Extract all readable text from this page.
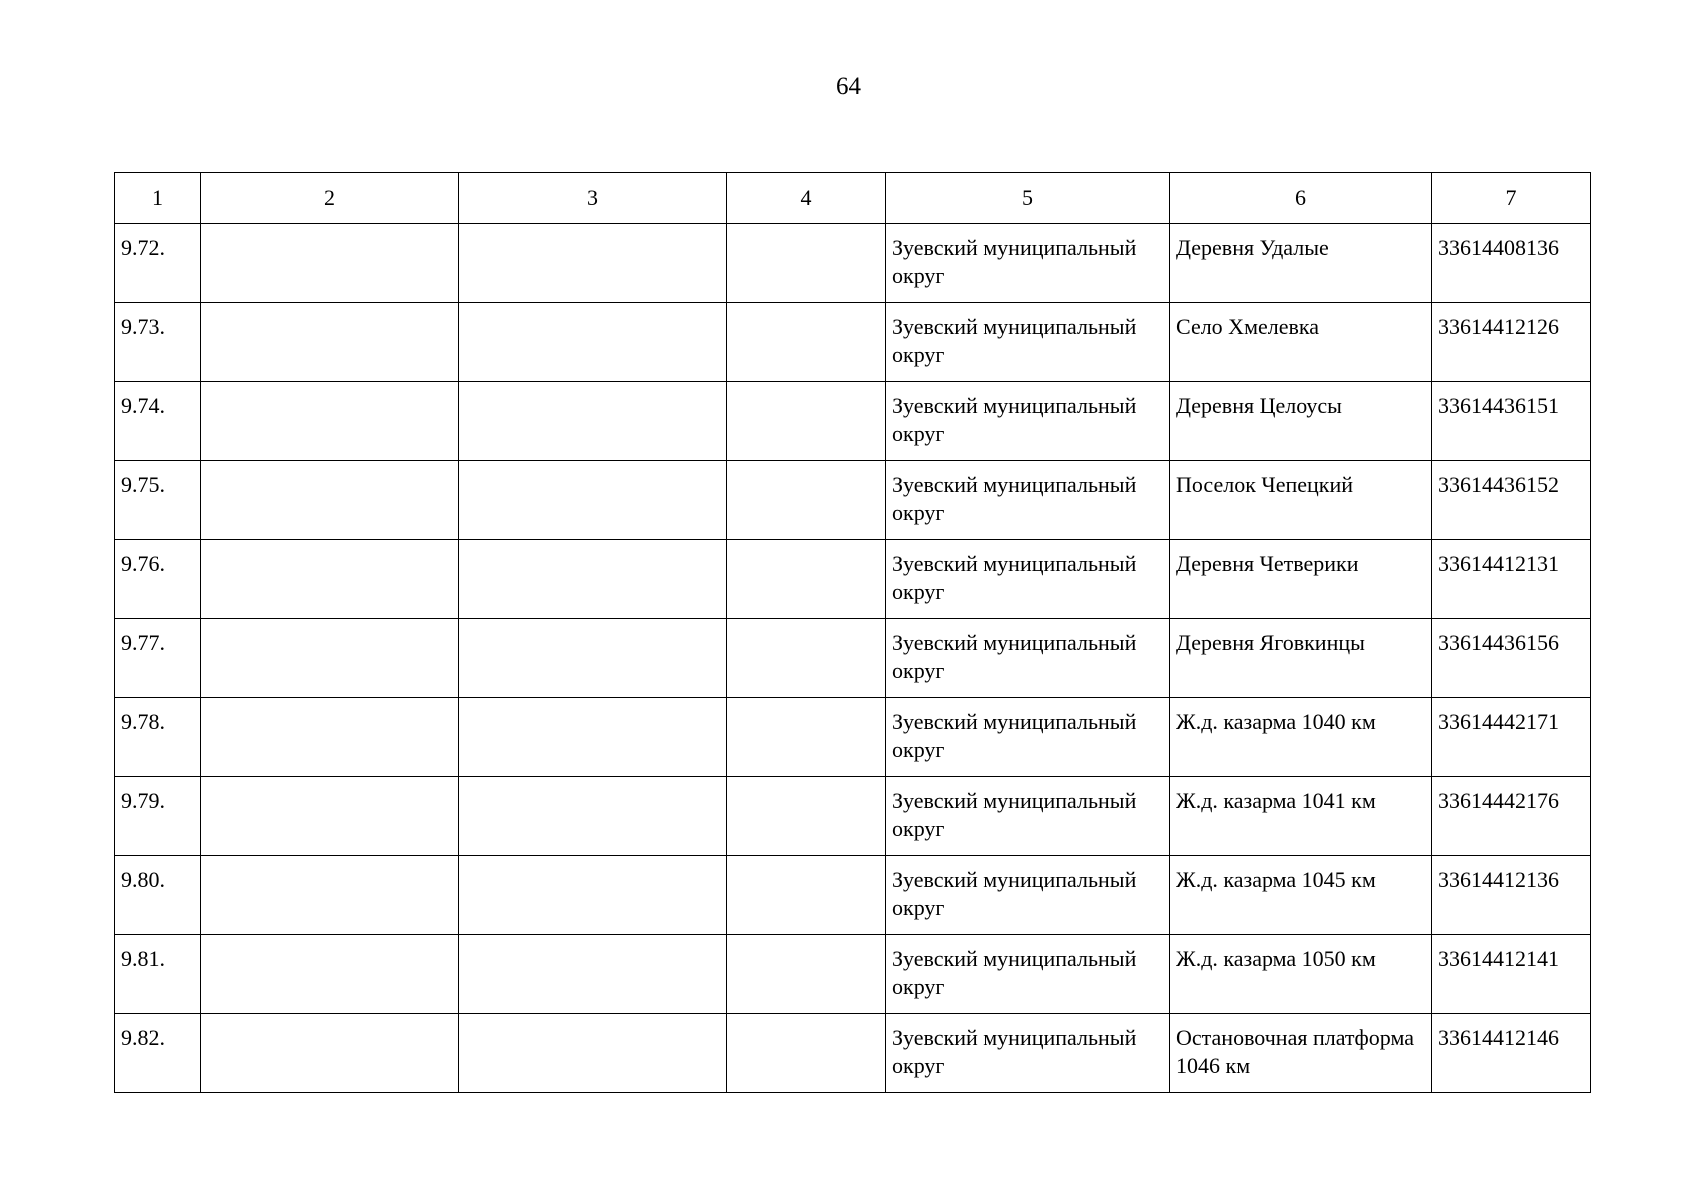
64
1	2	3	4	5	6	7
9.72.				Зуевский муниципальный округ	Деревня Удалые	33614408136
9.73.				Зуевский муниципальный округ	Село Хмелевка	33614412126
9.74.				Зуевский муниципальный округ	Деревня Целоусы	33614436151
9.75.				Зуевский муниципальный округ	Поселок Чепецкий	33614436152
9.76.				Зуевский муниципальный округ	Деревня Четверики	33614412131
9.77.				Зуевский муниципальный округ	Деревня Яговкинцы	33614436156
9.78.				Зуевский муниципальный округ	Ж.д. казарма 1040 км	33614442171
9.79.				Зуевский муниципальный округ	Ж.д. казарма 1041 км	33614442176
9.80.				Зуевский муниципальный округ	Ж.д. казарма 1045 км	33614412136
9.81.				Зуевский муниципальный округ	Ж.д. казарма 1050 км	33614412141
9.82.				Зуевский муниципальный округ	Остановочная платформа 1046 км	33614412146
